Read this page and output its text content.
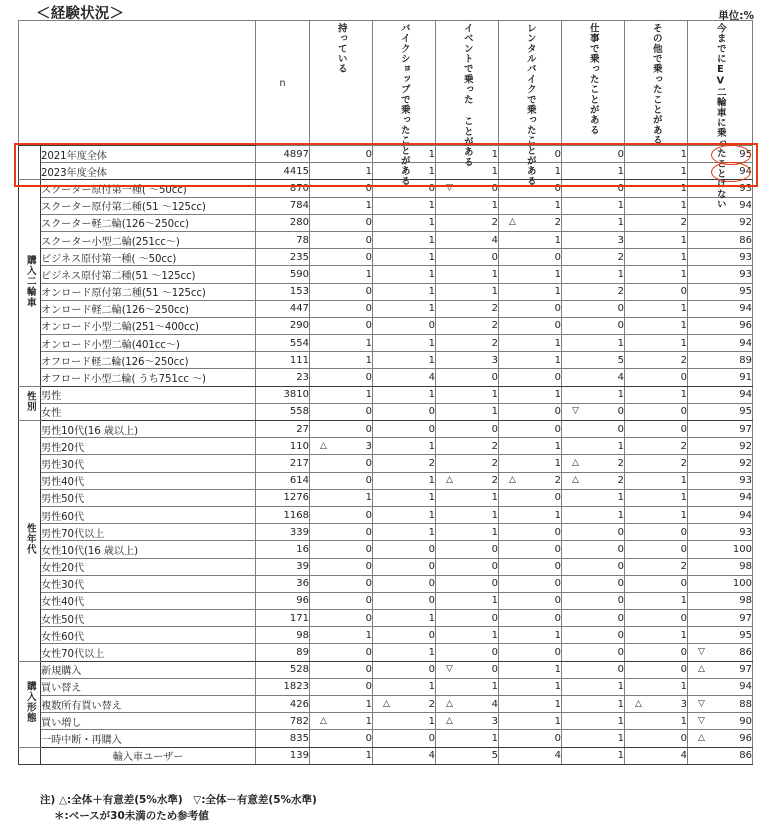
＜経験状況＞	単位:%
		n	持っている	バイクショップで乗ったことがある	イベントで乗った ことがある	レンタルバイクで乗ったことがある	仕事で乗ったことがある	その他で乗ったことがある	今までにEV二輪車に乗ったことはない

	2021年度全体	4897	0	1	1	0	0	1	95
	2023年度全体	4415	1	1	1	1	1	1	94
購入二輪車	スクーター原付第一種( ～50cc)	870	0	0	▽ 0	0	0	1	93
	スクーター原付第二種(51 ～125cc)	784	1	1	1	1	1	1	94
	スクーター軽二輪(126～250cc)	280	0	1	2	△ 2	1	2	92
	スクーター小型二輪(251cc～)	78	0	1	4	1	3	1	86
	ビジネス原付第一種( ～50cc)	235	0	1	0	0	2	1	93
	ビジネス原付第二種(51 ～125cc)	590	1	1	1	1	1	1	93
	オンロード原付第二種(51 ～125cc)	153	0	1	1	1	2	0	95
	オンロード軽二輪(126～250cc)	447	0	1	2	0	0	1	94
	オンロード小型二輪(251～400cc)	290	0	0	2	0	0	1	96
	オンロード小型二輪(401cc～)	554	1	1	2	1	1	1	94
	オフロード軽二輪(126～250cc)	111	1	1	3	1	5	2	89
	オフロード小型二輪( うち751cc ～)	23	0	4	0	0	4	0	91
性別	男性	3810	1	1	1	1	1	1	94
	女性	558	0	0	1	0	▽ 0	0	95
性年代	男性10代(16 歳以上)	27	0	0	0	0	0	0	97
	男性20代	110	△ 3	1	2	1	1	2	92
	男性30代	217	0	2	2	1	△ 2	2	92
	男性40代	614	0	1	△ 2	△ 2	△ 2	1	93
	男性50代	1276	1	1	1	0	1	1	94
	男性60代	1168	0	1	1	1	1	1	94
	男性70代以上	339	0	1	1	0	0	0	93
	女性10代(16 歳以上)	16	0	0	0	0	0	0	100
	女性20代	39	0	0	0	0	0	2	98
	女性30代	36	0	0	0	0	0	0	100
	女性40代	96	0	0	1	0	0	1	98
	女性50代	171	0	1	0	0	0	0	97
	女性60代	98	1	0	1	1	0	1	95
	女性70代以上	89	0	1	0	0	0	0	▽ 86
購入形態	新規購入	528	0	0	▽ 0	1	0	0	△ 97
	買い替え	1823	0	1	1	1	1	1	94
	複数所有買い替え	426	1	△ 2	△ 4	1	1	△ 3	▽ 88
	買い増し	782	△ 1	1	△ 3	1	1	1	▽ 90
	一時中断・再購入	835	0	0	1	0	1	0	△ 96
	輸入車ユーザー	139	1	4	5	4	1	4	86
注) △:全体＋有意差(5%水準)　▽:全体－有意差(5%水準)
＊:ベースが30未満のため参考値
